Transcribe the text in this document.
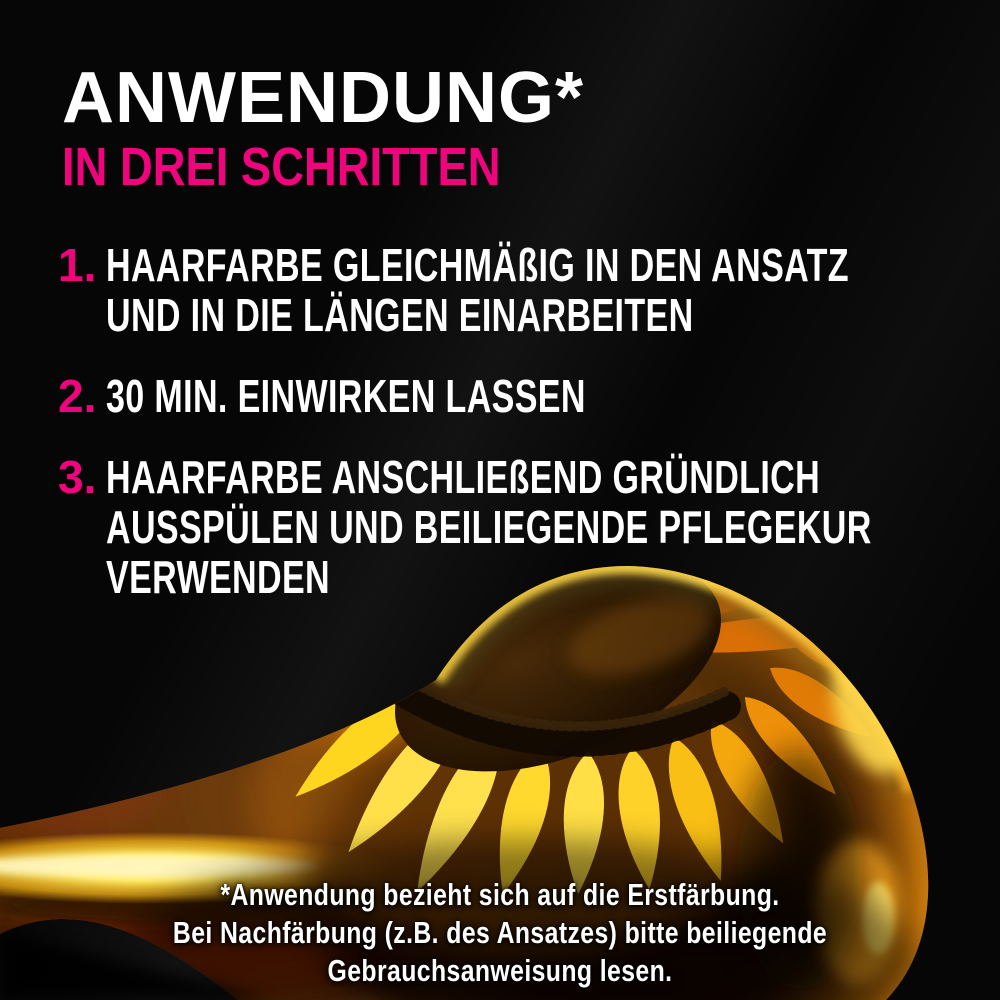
ANWENDUNG*
IN DREI SCHRITTEN
1. HAARFARBE GLEICHMÄßIG IN DEN ANSATZ
UND IN DIE LÄNGEN EINARBEITEN
2. 30 MIN. EINWIRKEN LASSEN
3. HAARFARBE ANSCHLIEßEND GRÜNDLICH
AUSSPÜLEN UND BEILIEGENDE PFLEGEKUR
VERWENDEN
*Anwendung bezieht sich auf die Erstfärbung.
Bei Nachfärbung (z.B. des Ansatzes) bitte beiliegende
Gebrauchsanweisung lesen.
